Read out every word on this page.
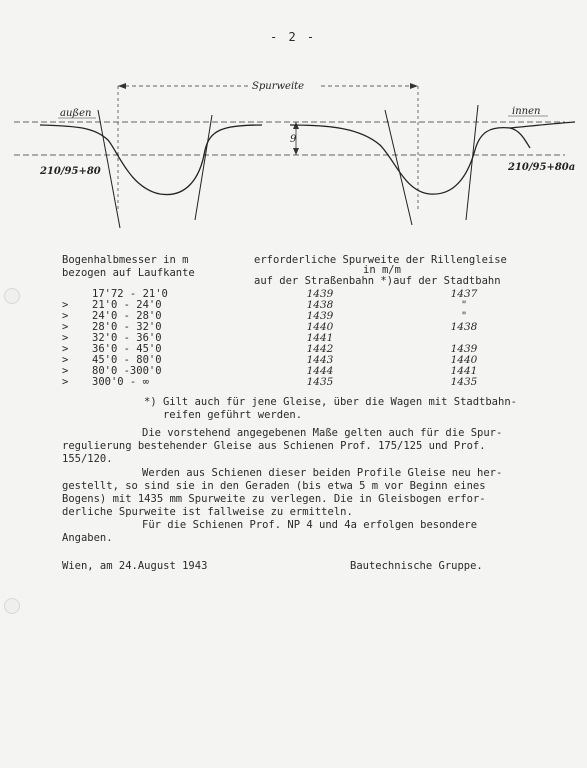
- 2 -
Spurweite
9
außen	innen
210/95+80	210/95+80a
Bogenhalbmesser in m
bezogen auf Laufkante
erforderliche Spurweite der Rillengleise
in m/m
auf der Straßenbahn *)auf der Stadtbahn
17'72 - 21'0	1439	1437
> 21'0 - 24'0	1438	"
> 24'0 - 28'0	1439	"
> 28'0 - 32'0	1440	1438
> 32'0 - 36'0	1441
> 36'0 - 45'0	1442	1439
> 45'0 - 80'0	1443	1440
> 80'0 -300'0	1444	1441
> 300'0 - ∞	1435	1435
*) Gilt auch für jene Gleise, über die Wagen mit Stadtbahn-
reifen geführt werden.
Die vorstehend angegebenen Maße gelten auch für die Spur-regulierung bestehender Gleise aus Schienen Prof. 175/125 und Prof. 155/120.
Werden aus Schienen dieser beiden Profile Gleise neu her-gestellt, so sind sie in den Geraden (bis etwa 5 m vor Beginn eines Bogens) mit 1435 mm Spurweite zu verlegen. Die in Gleisbogen erfor-derliche Spurweite ist fallweise zu ermitteln.
Für die Schienen Prof. NP 4 und 4a erfolgen besondere Angaben.
Wien, am 24.August 1943	Bautechnische Gruppe.
